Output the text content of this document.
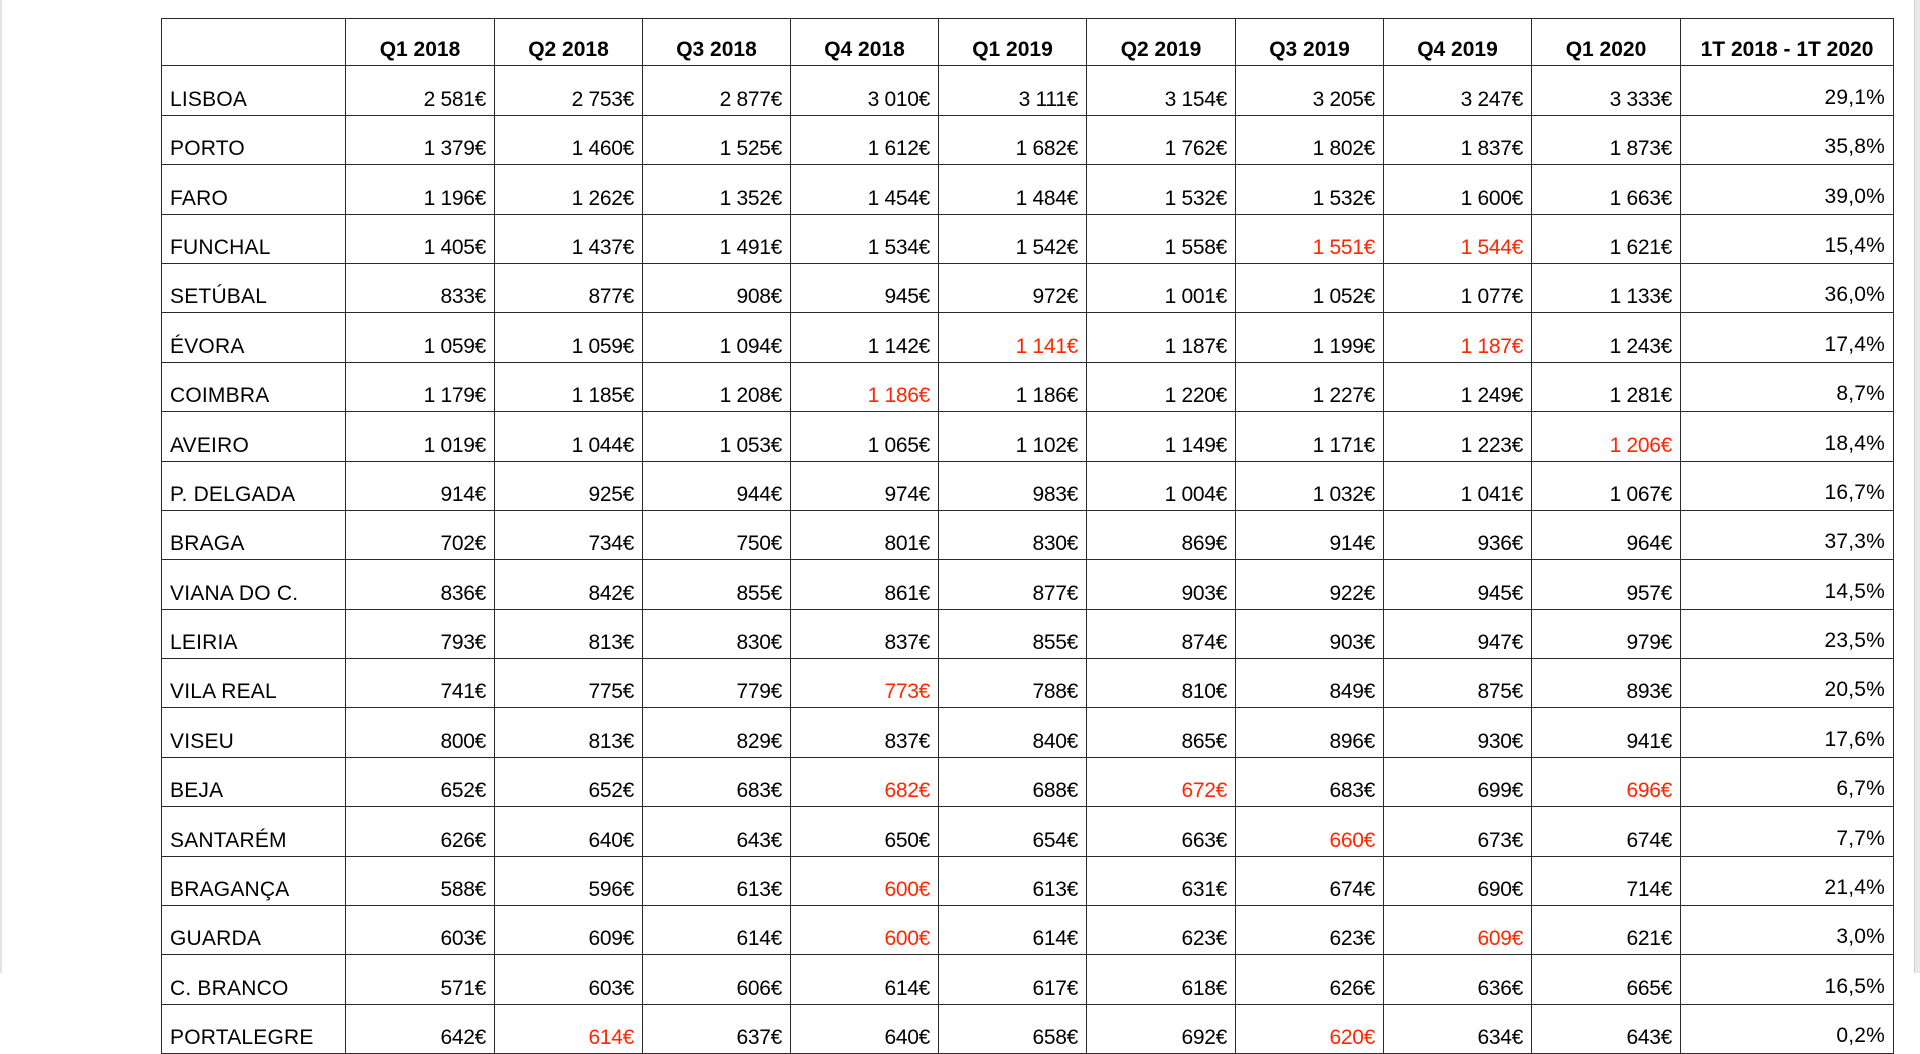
	Q1 2018	Q2 2018	Q3 2018	Q4 2018	Q1 2019	Q2 2019	Q3 2019	Q4 2019	Q1 2020	1T 2018 - 1T 2020
LISBOA	2 581€	2 753€	2 877€	3 010€	3 111€	3 154€	3 205€	3 247€	3 333€	29,1%
PORTO	1 379€	1 460€	1 525€	1 612€	1 682€	1 762€	1 802€	1 837€	1 873€	35,8%
FARO	1 196€	1 262€	1 352€	1 454€	1 484€	1 532€	1 532€	1 600€	1 663€	39,0%
FUNCHAL	1 405€	1 437€	1 491€	1 534€	1 542€	1 558€	1 551€	1 544€	1 621€	15,4%
SETÚBAL	833€	877€	908€	945€	972€	1 001€	1 052€	1 077€	1 133€	36,0%
ÉVORA	1 059€	1 059€	1 094€	1 142€	1 141€	1 187€	1 199€	1 187€	1 243€	17,4%
COIMBRA	1 179€	1 185€	1 208€	1 186€	1 186€	1 220€	1 227€	1 249€	1 281€	8,7%
AVEIRO	1 019€	1 044€	1 053€	1 065€	1 102€	1 149€	1 171€	1 223€	1 206€	18,4%
P. DELGADA	914€	925€	944€	974€	983€	1 004€	1 032€	1 041€	1 067€	16,7%
BRAGA	702€	734€	750€	801€	830€	869€	914€	936€	964€	37,3%
VIANA DO C.	836€	842€	855€	861€	877€	903€	922€	945€	957€	14,5%
LEIRIA	793€	813€	830€	837€	855€	874€	903€	947€	979€	23,5%
VILA REAL	741€	775€	779€	773€	788€	810€	849€	875€	893€	20,5%
VISEU	800€	813€	829€	837€	840€	865€	896€	930€	941€	17,6%
BEJA	652€	652€	683€	682€	688€	672€	683€	699€	696€	6,7%
SANTARÉM	626€	640€	643€	650€	654€	663€	660€	673€	674€	7,7%
BRAGANÇA	588€	596€	613€	600€	613€	631€	674€	690€	714€	21,4%
GUARDA	603€	609€	614€	600€	614€	623€	623€	609€	621€	3,0%
C. BRANCO	571€	603€	606€	614€	617€	618€	626€	636€	665€	16,5%
PORTALEGRE	642€	614€	637€	640€	658€	692€	620€	634€	643€	0,2%
